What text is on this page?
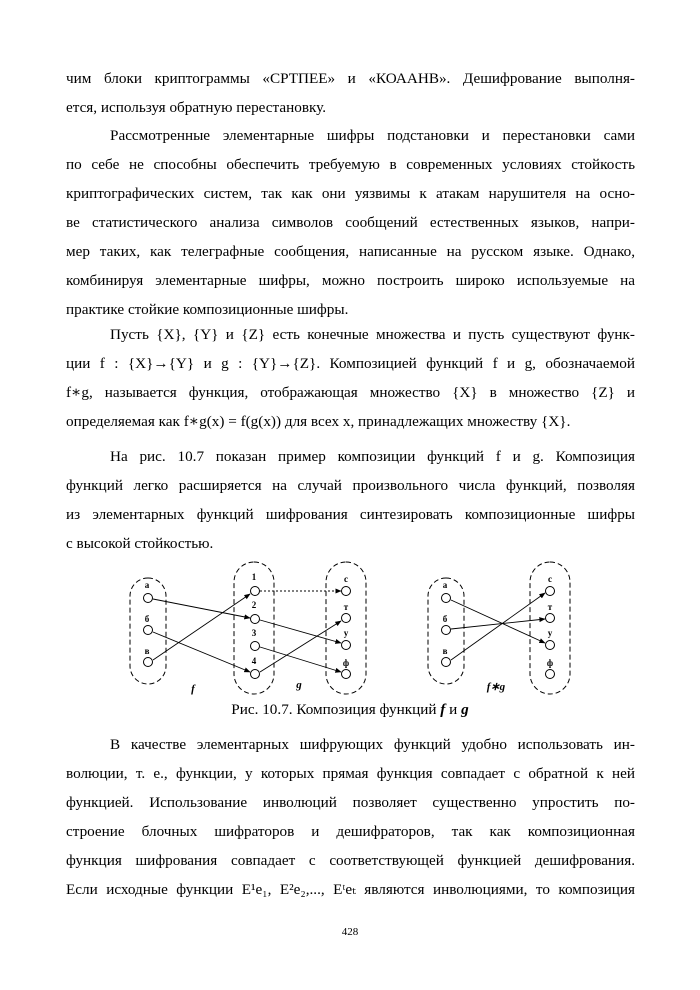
чим блоки криптограммы «СРТПЕЕ» и «КОААНВ». Дешифрование выполня-
ется, используя обратную перестановку.
Рассмотренные элементарные шифры подстановки и перестановки сами
по себе не способны обеспечить требуемую в современных условиях стойкость
криптографических систем, так как они уязвимы к атакам нарушителя на осно-
ве статистического анализа символов сообщений естественных языков, напри-
мер таких, как телеграфные сообщения, написанные на русском языке. Однако,
комбинируя элементарные шифры, можно построить широко используемые на
практике стойкие композиционные шифры.
Пусть {X}, {Y} и {Z} есть конечные множества и пусть существуют функ-
ции f : {X}→{Y} и g : {Y}→{Z}. Композицией функций f и g, обозначаемой
f∗g, называется функция, отображающая множество {X} в множество {Z} и
определяемая как f∗g(x) = f(g(x)) для всех x, принадлежащих множеству {X}.
На рис. 10.7 показан пример композиции функций f и g. Композиция
функций легко расширяется на случай произвольного числа функций, позволяя
из элементарных функций шифрования синтезировать композиционные шифры
с высокой стойкостью.
а
б
в
1
2
3
4
с
т
у
ф
f	g
а
б
в
с
т
у
ф
f∗g
Рис. 10.7. Композиция функций f и g
В качестве элементарных шифрующих функций удобно использовать ин-
волюции, т. е., функции, у которых прямая функция совпадает с обратной к ней
функцией. Использование инволюций позволяет существенно упростить по-
строение блочных шифраторов и дешифраторов, так как композиционная
функция шифрования совпадает с соответствующей функцией дешифрования.
Если исходные функции E¹e₁, E²e₂,..., Eᵗeₜ являются инволюциями, то композиция
428
